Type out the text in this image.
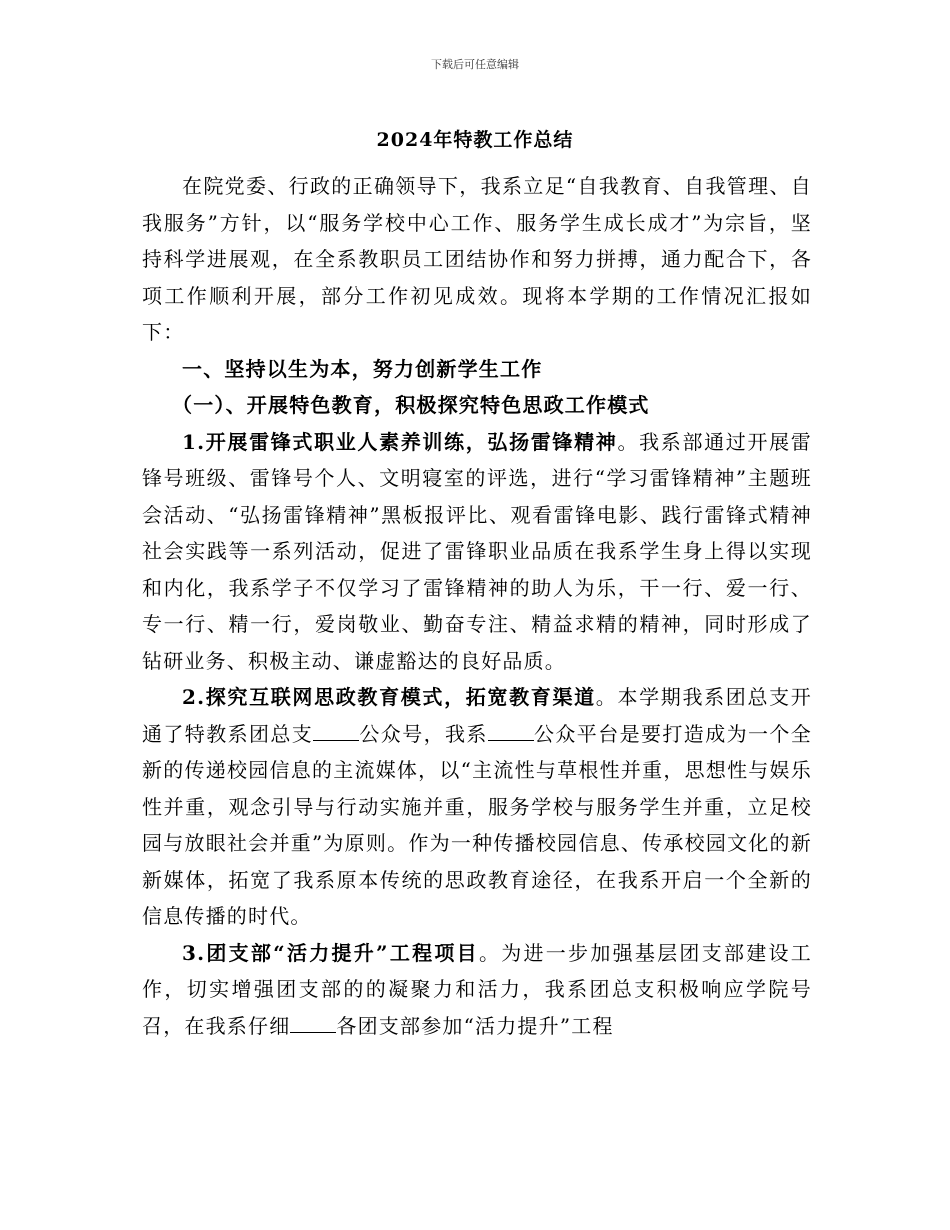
下载后可任意编辑
2024年特教工作总结

在院党委、行政的正确领导下，我系立足“自我教育、自我管理、自我服务”方针，以“服务学校中心工作、服务学生成长成才”为宗旨，坚持科学进展观，在全系教职员工团结协作和努力拼搏，通力配合下，各项工作顺利开展，部分工作初见成效。现将本学期的工作情况汇报如下：

一、坚持以生为本，努力创新学生工作

（一）、开展特色教育，积极探究特色思政工作模式

1.开展雷锋式职业人素养训练，弘扬雷锋精神。我系部通过开展雷锋号班级、雷锋号个人、文明寝室的评选，进行“学习雷锋精神”主题班会活动、“弘扬雷锋精神”黑板报评比、观看雷锋电影、践行雷锋式精神社会实践等一系列活动，促进了雷锋职业品质在我系学生身上得以实现和内化，我系学子不仅学习了雷锋精神的助人为乐，干一行、爱一行、专一行、精一行，爱岗敬业、勤奋专注、精益求精的精神，同时形成了钻研业务、积极主动、谦虚豁达的良好品质。

2.探究互联网思政教育模式，拓宽教育渠道。本学期我系团总支开通了特教系团总支 公众号，我系 公众平台是要打造成为一个全新的传递校园信息的主流媒体，以“主流性与草根性并重，思想性与娱乐性并重，观念引导与行动实施并重，服务学校与服务学生并重，立足校园与放眼社会并重”为原则。作为一种传播校园信息、传承校园文化的新新媒体，拓宽了我系原本传统的思政教育途径，在我系开启一个全新的信息传播的时代。

3.团支部“活力提升”工程项目。为进一步加强基层团支部建设工作，切实增强团支部的的凝聚力和活力，我系团总支积极响应学院号召，在我系仔细 各团支部参加“活力提升”工程
